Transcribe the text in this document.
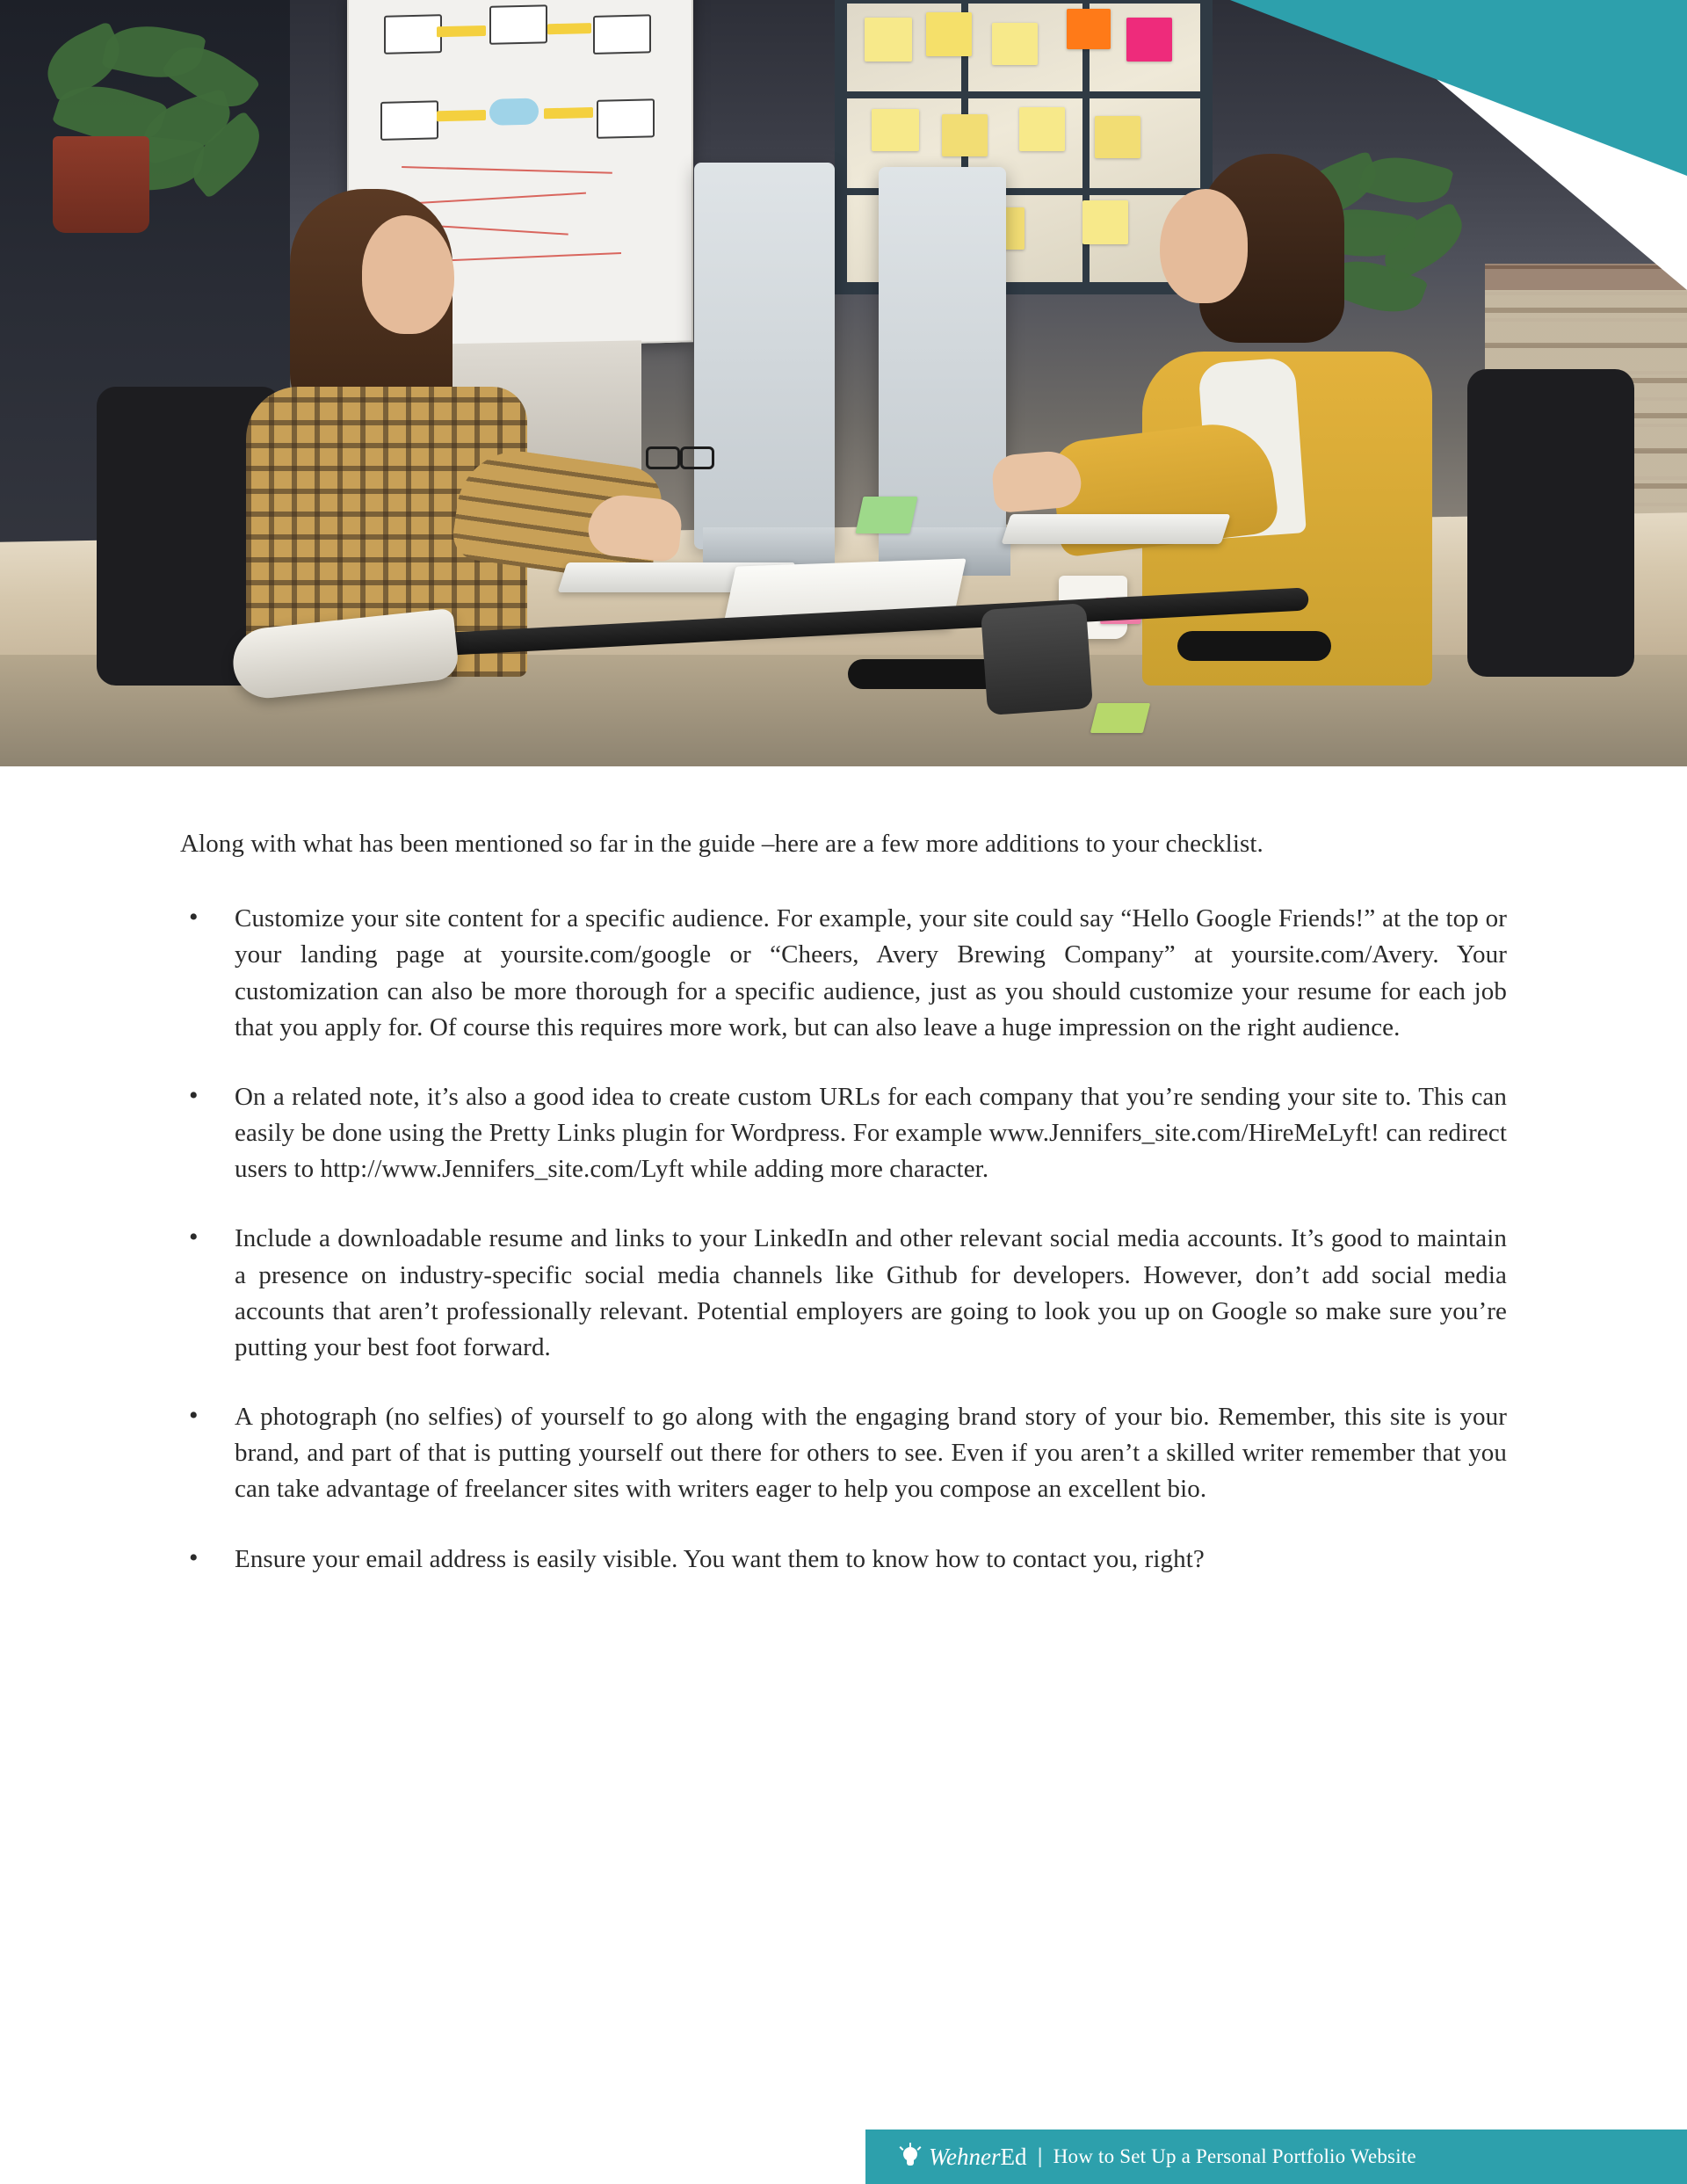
Along with what has been mentioned so far in the guide –here are a few more additions to your checklist.

• Customize your site content for a specific audience. For example, your site could say “Hello Google Friends!” at the top or your landing page at yoursite.com/google or “Cheers, Avery Brewing Company” at yoursite.com/Avery. Your customization can also be more thorough for a specific audience, just as you should customize your resume for each job that you apply for. Of course this requires more work, but can also leave a huge impression on the right audience.
• On a related note, it’s also a good idea to create custom URLs for each company that you’re sending your site to. This can easily be done using the Pretty Links plugin for Wordpress. For example www.Jennifers_site.com/HireMeLyft! can redirect users to http://www.Jennifers_site.com/Lyft while adding more character.
• Include a downloadable resume and links to your LinkedIn and other relevant social media accounts. It’s good to maintain a presence on industry-specific social media channels like Github for developers. However, don’t add social media accounts that aren’t professionally relevant. Potential employers are going to look you up on Google so make sure you’re putting your best foot forward.
• A photograph (no selfies) of yourself to go along with the engaging brand story of your bio. Remember, this site is your brand, and part of that is putting yourself out there for others to see. Even if you aren’t a skilled writer remember that you can take advantage of freelancer sites with writers eager to help you compose an excellent bio.
• Ensure your email address is easily visible. You want them to know how to contact you, right?
WehnerEd | How to Set Up a Personal Portfolio Website
